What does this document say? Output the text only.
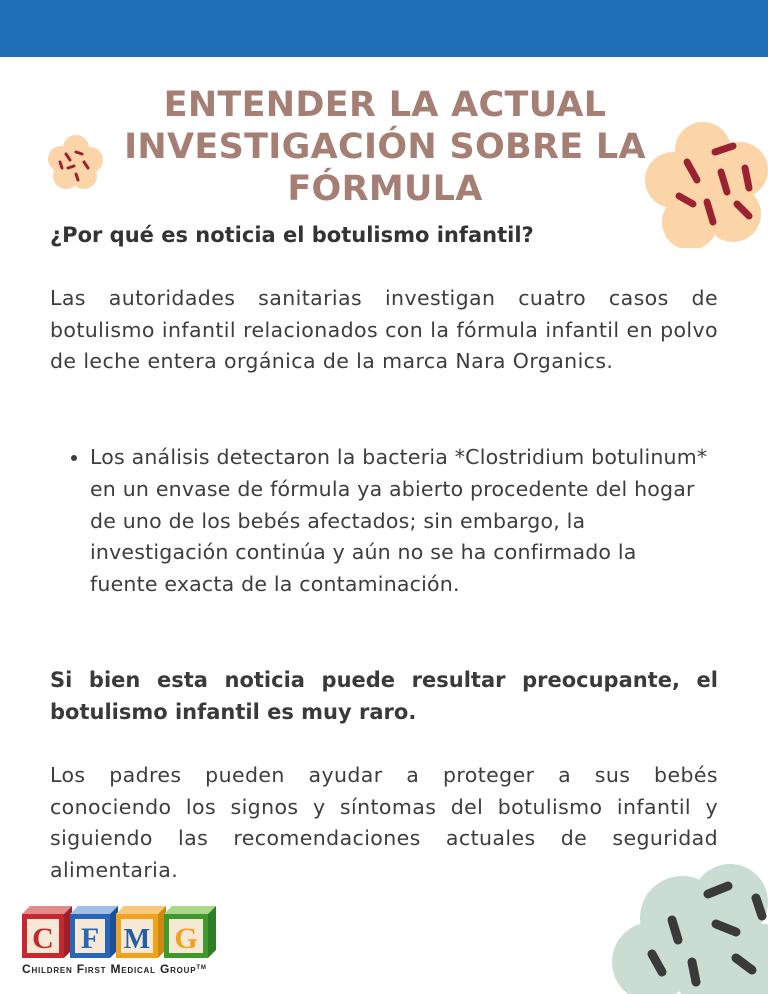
ENTENDER LA ACTUAL
INVESTIGACIÓN SOBRE LA
FÓRMULA
¿Por qué es noticia el botulismo infantil?

Las autoridades sanitarias investigan cuatro casos de botulismo infantil relacionados con la fórmula infantil en polvo de leche entera orgánica de la marca Nara Organics.

• Los análisis detectaron la bacteria *Clostridium botulinum* en un envase de fórmula ya abierto procedente del hogar de uno de los bebés afectados; sin embargo, la investigación continúa y aún no se ha confirmado la fuente exacta de la contaminación.

Si bien esta noticia puede resultar preocupante, el botulismo infantil es muy raro.

Los padres pueden ayudar a proteger a sus bebés conociendo los signos y síntomas del botulismo infantil y siguiendo las recomendaciones actuales de seguridad alimentaria.

C F M G
Children First Medical Group™
